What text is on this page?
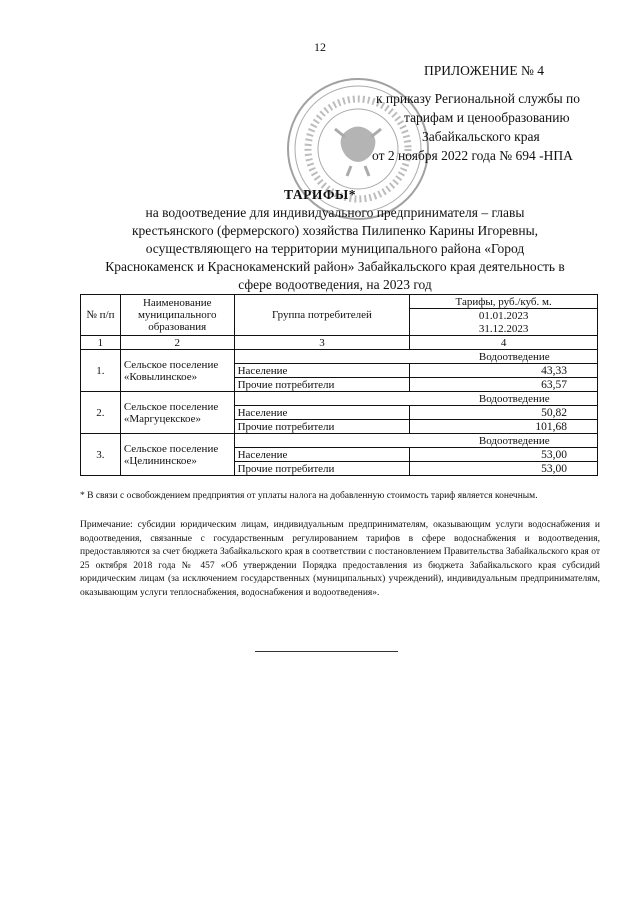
12
ПРИЛОЖЕНИЕ № 4
к приказу Региональной службы по
тарифам и ценообразованию
Забайкальского края
от 2 ноября 2022 года № 694 -НПА
ТАРИФЫ*
на водоотведение для индивидуального предпринимателя – главы
крестьянского (фермерского) хозяйства Пилипенко Карины Игоревны,
осуществляющего на территории муниципального района «Город
Краснокаменск и Краснокаменский район» Забайкальского края деятельность в
сфере водоотведения, на 2023 год
№ п/п	Наименование муниципального образования	Группа потребителей	Тарифы, руб./куб. м.
			01.01.2023
			31.12.2023
1	2	3	4
1.	Сельское поселение «Ковылинское»	Водоотведение	
		Население	43,33
		Прочие потребители	63,57
2.	Сельское поселение «Маргуцекское»	Водоотведение	
		Население	50,82
		Прочие потребители	101,68
3.	Сельское поселение «Целининское»	Водоотведение	
		Население	53,00
		Прочие потребители	53,00
* В связи с освобождением предприятия от уплаты налога на добавленную стоимость тариф является конечным.
Примечание: субсидии юридическим лицам, индивидуальным предпринимателям, оказывающим услуги водоснабжения и водоотведения, связанные с государственным регулированием тарифов в сфере водоснабжения и водоотведения, предоставляются за счет бюджета Забайкальского края в соответствии с постановлением Правительства Забайкальского края от 25 октября 2018 года № 457 «Об утверждении Порядка предоставления из бюджета Забайкальского края субсидий юридическим лицам (за исключением государственных (муниципальных) учреждений), индивидуальным предпринимателям, оказывающим услуги теплоснабжения, водоснабжения и водоотведения».
